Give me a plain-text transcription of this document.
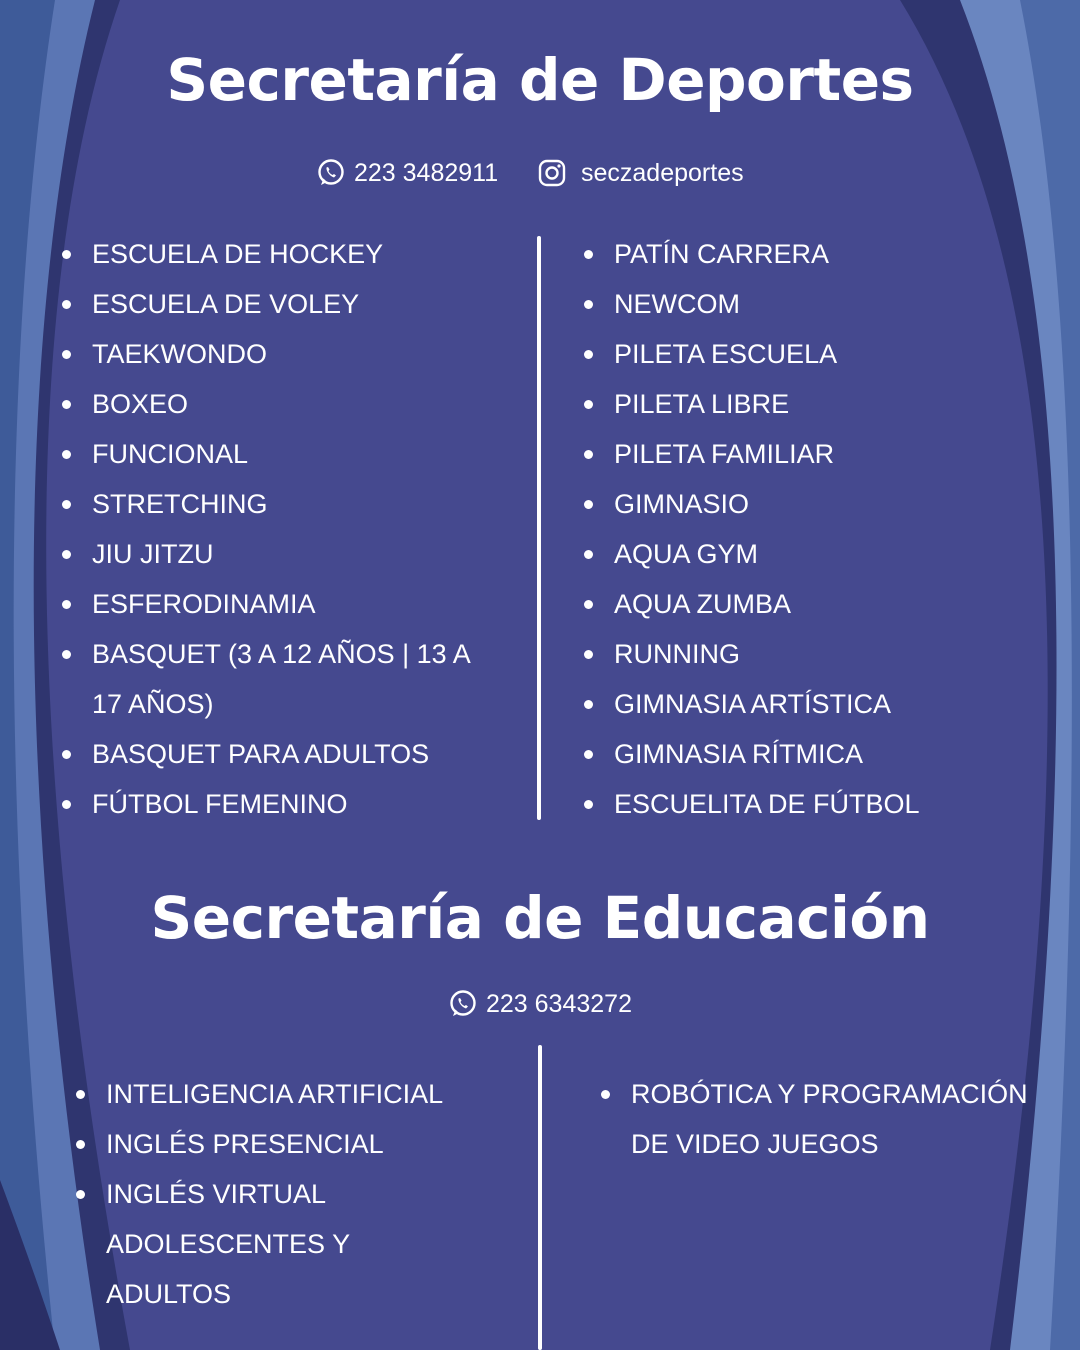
Secretaría de Deportes
223 3482911	seczadeportes
ESCUELA DE HOCKEY
ESCUELA DE VOLEY
TAEKWONDO
BOXEO
FUNCIONAL
STRETCHING
JIU JITZU
ESFERODINAMIA
BASQUET (3 A 12 AÑOS | 13 A 17 AÑOS)
BASQUET PARA ADULTOS
FÚTBOL FEMENINO
PATÍN CARRERA
NEWCOM
PILETA ESCUELA
PILETA LIBRE
PILETA FAMILIAR
GIMNASIO
AQUA GYM
AQUA ZUMBA
RUNNING
GIMNASIA ARTÍSTICA
GIMNASIA RÍTMICA
ESCUELITA DE FÚTBOL
Secretaría de Educación
223 6343272
INTELIGENCIA ARTIFICIAL
INGLÉS PRESENCIAL
INGLÉS VIRTUAL ADOLESCENTES Y ADULTOS
ROBÓTICA Y PROGRAMACIÓN DE VIDEO JUEGOS
